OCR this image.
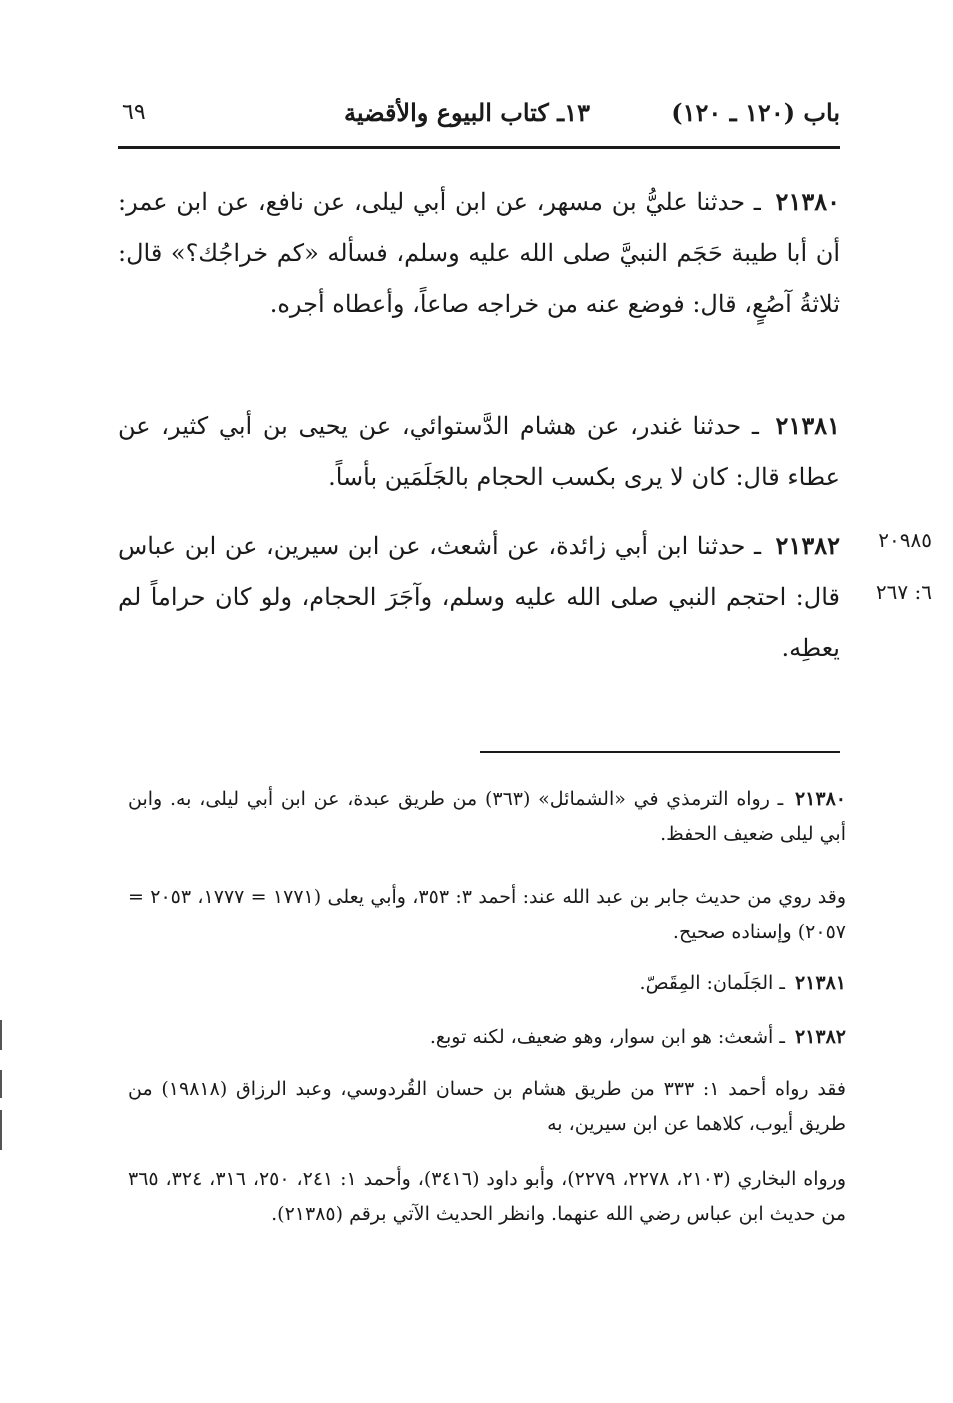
باب (١٢٠ ـ ١٢٠)
١٣ـ كتاب البيوع والأقضية
٦٩
٢١٣٨٠ ـ حدثنا عليُّ بن مسهر، عن ابن أبي ليلى، عن نافع، عن ابن عمر: أن أبا طيبة حَجَم النبيَّ صلى الله عليه وسلم، فسأله «كم خراجُك؟» قال: ثلاثةُ آصُعٍ، قال: فوضع عنه من خراجه صاعاً، وأعطاه أجره.
٢١٣٨١ ـ حدثنا غندر، عن هشام الدَّستوائي، عن يحيى بن أبي كثير، عن عطاء قال: كان لا يرى بكسب الحجام بالجَلَمَين بأساً.
٢١٣٨٢ ـ حدثنا ابن أبي زائدة، عن أشعث، عن ابن سيرين، عن ابن عباس قال: احتجم النبي صلى الله عليه وسلم، وآجَرَ الحجام، ولو كان حراماً لم يعطِه.
٢٠٩٨٥
٦: ٢٦٧
٢١٣٨٠ ـ رواه الترمذي في «الشمائل» (٣٦٣) من طريق عبدة، عن ابن أبي ليلى، به. وابن أبي ليلى ضعيف الحفظ.
وقد روي من حديث جابر بن عبد الله عند: أحمد ٣: ٣٥٣، وأبي يعلى (١٧٧١ = ١٧٧٧، ٢٠٥٣ = ٢٠٥٧) وإسناده صحيح.
٢١٣٨١ ـ الجَلَمان: المِقَصّ.
٢١٣٨٢ ـ أشعث: هو ابن سوار، وهو ضعيف، لكنه توبع.
فقد رواه أحمد ١: ٣٣٣ من طريق هشام بن حسان القُردوسي، وعبد الرزاق (١٩٨١٨) من طريق أيوب، كلاهما عن ابن سيرين، به
ورواه البخاري (٢١٠٣، ٢٢٧٨، ٢٢٧٩)، وأبو داود (٣٤١٦)، وأحمد ١: ٢٤١، ٢٥٠، ٣١٦، ٣٢٤، ٣٦٥ من حديث ابن عباس رضي الله عنهما. وانظر الحديث الآتي برقم (٢١٣٨٥).
